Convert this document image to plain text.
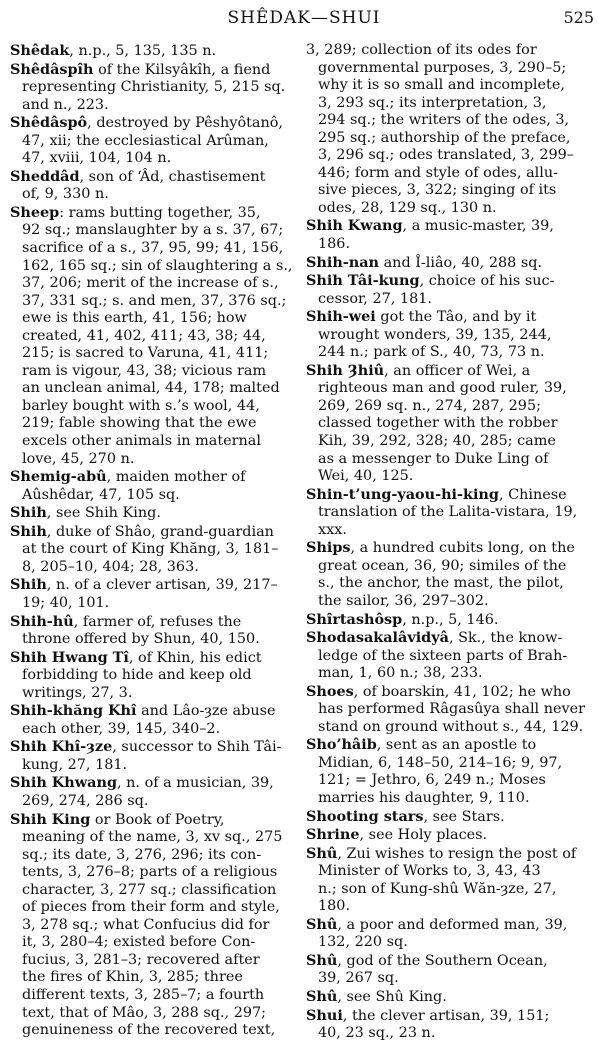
SHÊDAK—SHUI	525
Shêdak, n.p., 5, 135, 135 n.
Shêdâspîh of the Kilsyâkîh, a fiend
representing Christianity, 5, 215 sq.
and n., 223.
Shêdâspô, destroyed by Pêshyôtanô,
47, xii; the ecclesiastical Arûman,
47, xviii, 104, 104 n.
Sheddâd, son of ‘Âd, chastisement
of, 9, 330 n.
Sheep: rams butting together, 35,
92 sq.; manslaughter by a s. 37, 67;
sacrifice of a s., 37, 95, 99; 41, 156,
162, 165 sq.; sin of slaughtering a s.,
37, 206; merit of the increase of s.,
37, 331 sq.; s. and men, 37, 376 sq.;
ewe is this earth, 41, 156; how
created, 41, 402, 411; 43, 38; 44,
215; is sacred to Varuna, 41, 411;
ram is vigour, 43, 38; vicious ram
an unclean animal, 44, 178; malted
barley bought with s.’s wool, 44,
219; fable showing that the ewe
excels other animals in maternal
love, 45, 270 n.
Shemig-abû, maiden mother of
Aûshêdar, 47, 105 sq.
Shih, see Shih King.
Shih, duke of Shâo, grand-guardian
at the court of King Khăng, 3, 181–
8, 205–10, 404; 28, 363.
Shih, n. of a clever artisan, 39, 217–
19; 40, 101.
Shih-hû, farmer of, refuses the
throne offered by Shun, 40, 150.
Shih Hwang Tî, of Khin, his edict
forbidding to hide and keep old
writings, 27, 3.
Shih-khăng Khî and Lâo-ȝze abuse
each other, 39, 145, 340–2.
Shih Khî-ȝze, successor to Shih Tâi-
kung, 27, 181.
Shih Khwang, n. of a musician, 39,
269, 274, 286 sq.
Shih King or Book of Poetry,
meaning of the name, 3, xv sq., 275
sq.; its date, 3, 276, 296; its con-
tents, 3, 276–8; parts of a religious
character, 3, 277 sq.; classification
of pieces from their form and style,
3, 278 sq.; what Confucius did for
it, 3, 280–4; existed before Con-
fucius, 3, 281–3; recovered after
the fires of Khin, 3, 285; three
different texts, 3, 285–7; a fourth
text, that of Mâo, 3, 288 sq., 297;
genuineness of the recovered text,
3, 289; collection of its odes for
governmental purposes, 3, 290–5;
why it is so small and incomplete,
3, 293 sq.; its interpretation, 3,
294 sq.; the writers of the odes, 3,
295 sq.; authorship of the preface,
3, 296 sq.; odes translated, 3, 299–
446; form and style of odes, allu-
sive pieces, 3, 322; singing of its
odes, 28, 129 sq., 130 n.
Shih Kwang, a music-master, 39,
186.
Shih-nan and Î-liâo, 40, 288 sq.
Shih Tâi-kung, choice of his suc-
cessor, 27, 181.
Shih-wei got the Tâo, and by it
wrought wonders, 39, 135, 244,
244 n.; park of S., 40, 73, 73 n.
Shih Ȝhiû, an officer of Wei, a
righteous man and good ruler, 39,
269, 269 sq. n., 274, 287, 295;
classed together with the robber
Kih, 39, 292, 328; 40, 285; came
as a messenger to Duke Ling of
Wei, 40, 125.
Shin-t’ung-yaou-hi-king, Chinese
translation of the Lalita-vistara, 19,
xxx.
Ships, a hundred cubits long, on the
great ocean, 36, 90; similes of the
s., the anchor, the mast, the pilot,
the sailor, 36, 297–302.
Shîrtashôsp, n.p., 5, 146.
Shodasakalâvidyâ, Sk., the know-
ledge of the sixteen parts of Brah-
man, 1, 60 n.; 38, 233.
Shoes, of boarskin, 41, 102; he who
has performed Râgasûya shall never
stand on ground without s., 44, 129.
Sho’hâib, sent as an apostle to
Midian, 6, 148–50, 214–16; 9, 97,
121; = Jethro, 6, 249 n.; Moses
marries his daughter, 9, 110.
Shooting stars, see Stars.
Shrine, see Holy places.
Shû, Zui wishes to resign the post of
Minister of Works to, 3, 43, 43
n.; son of Kung-shû Wăn-ȝze, 27,
180.
Shû, a poor and deformed man, 39,
132, 220 sq.
Shû, god of the Southern Ocean,
39, 267 sq.
Shû, see Shû King.
Shui, the clever artisan, 39, 151;
40, 23 sq., 23 n.
